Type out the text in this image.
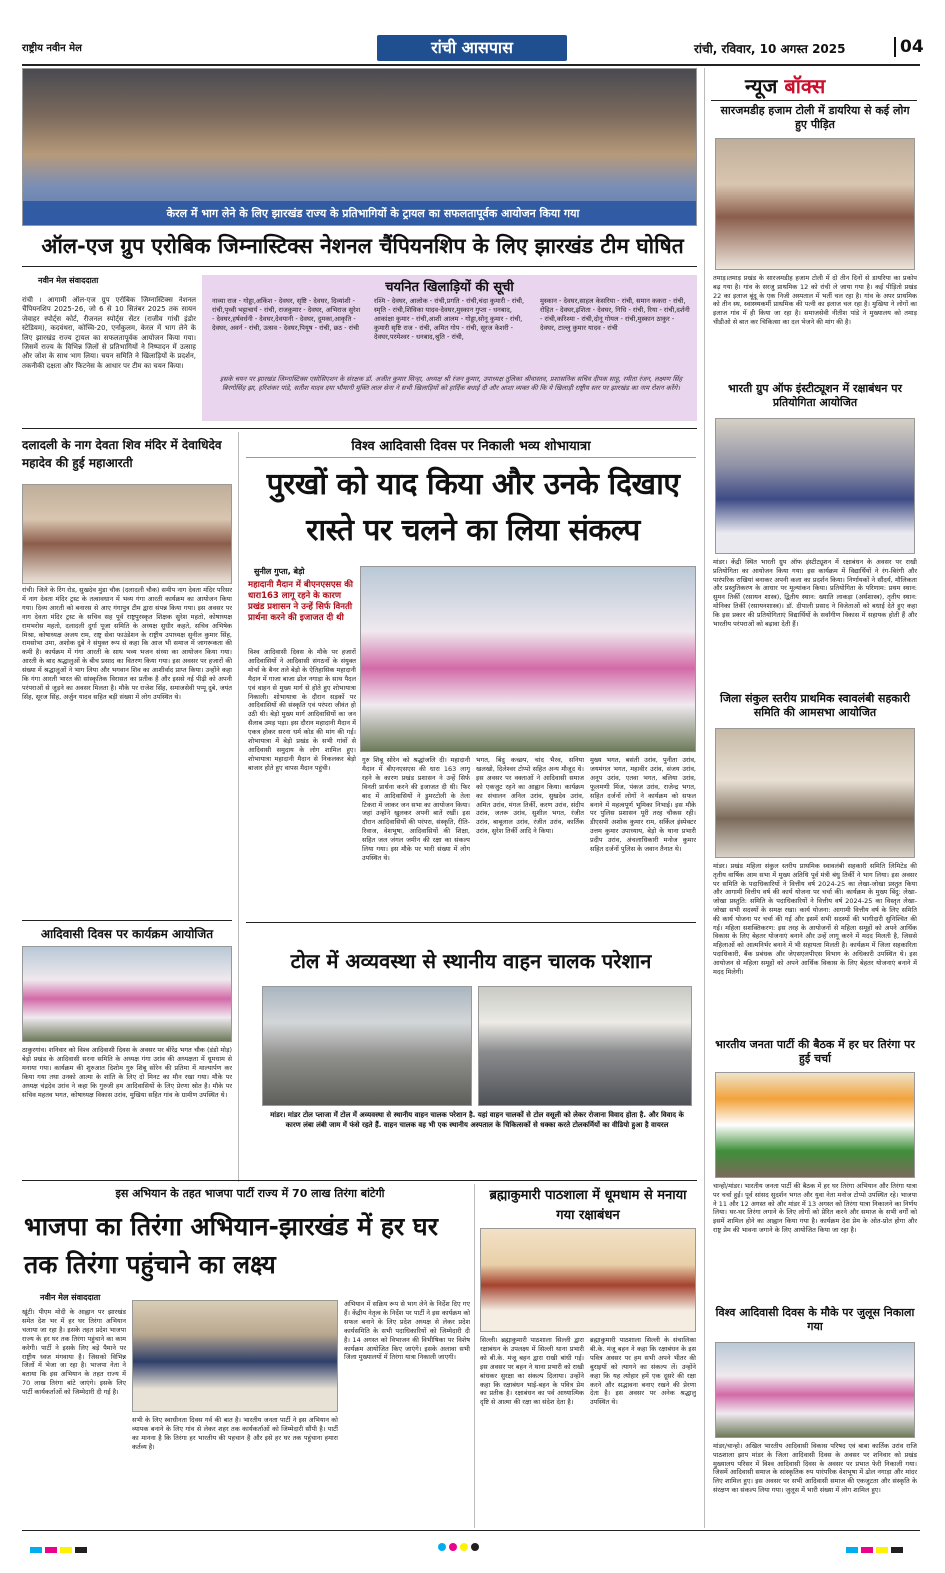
राष्ट्रीय नवीन मेल	रांची आसपास	रांची, रविवार, 10 अगस्त 2025	04
केरल में भाग लेने के लिए झारखंड राज्य के प्रतिभागियों के ट्रायल का सफलतापूर्वक आयोजन किया गया
ऑल-एज ग्रुप एरोबिक जिम्नास्टिक्स नेशनल चैंपियनशिप के लिए झारखंड टीम घोषित
नवीन मेल संवाददाता
रांची । आगामी ऑल-एज ग्रुप एरोबिक जिम्नास्टिक्स नेशनल चैंपियनशिप 2025-26, जो 6 से 10 सितंबर 2025 तक सायन जेवाहर स्पोर्ट्स कोर्ट, रीजनल स्पोर्ट्स सेंटर (राजीव गांधी इंडोर स्टेडियम), कदवंथरा, कोच्चि-20, एर्नाकुलम, केरल में भाग लेने के लिए झारखंड राज्य ट्रायल का सफलतापूर्वक आयोजन किया गया। जिसमें राज्य के विभिन्न जिलों से प्रतिभागियों ने निष्पादन में उत्साह और जोश के साथ भाग लिया। चयन समिति ने खिलाड़ियों के प्रदर्शन, तकनीकी दक्षता और फिटनेस के आधार पर टीम का चयन किया।
चयनित खिलाड़ियों की सूची
नाव्या राज - गोड्डा,अकिंश - देवघर, सृष्टि - देवघर, दिव्यांशी - रांची,पृथ्वी भट्टाचार्य - रांची, राजकुमार - देवघर, अभिराज सुरेश - देवघर,हर्षवर्धनी - देवघर,देवयानी - देवघर, दुमका,आकृति - देवघर, अवर्न - रांची, उत्सव - देवघर,पियूष - रांची, छठ - रांची
रश्मि - देवघर, आलोक - रांची,प्रगति - रांची,चंदा कुमारी - रांची, स्मृति - रांची,शिविका यादव-देवघर,मुस्कान गुप्ता - धनबाद, आकांक्षा कुमार - रांची,आशी आलम - गोड्डा,सोनू कुमार - रांची, कुमारी सृष्टि राज - रांची, अमित गोप - रांची, सूरज केशरी - देवघर,परमेश्वर - धनबाद,श्रुति - रांची,
मुस्कान - देवघर,साहल केसरिया - रांची, समान ककरा - रांची, रोहित - देवघर,इशिता - देवघर, निधि - रांची, रिया - रांची,दर्शनी - रांची,करिश्मा - रांची,दोनू गोयल - रांची,मुस्कान ठाकुर - देवघर, टाल्लु कुमार यादव - रांची
इसके चयन पर झारखंड जिम्नास्टिक्स एसोसिएशन के संरक्षक डॉ. अजीत कुमार सिन्हा, अध्यक्ष श्री रंजन कुमार, उपाध्यक्ष तूलिका श्रीवास्तव, प्रशासनिक सचिव दीपक साहू, रमीता रंजन, लक्ष्मण सिंह बिरगोसिंह झा, हरिशंकर पांडे, सतीश यादव दया भौमानी मुक्ति लाल सेना ने सभी खिलाड़ियों को हार्दिक बधाई दी और आशा व्यक्त की कि ये खिलाड़ी राष्ट्रीय स्तर पर झारखंड का नाम रोशन करेंगे।
न्यूज बॉक्स
सारजमडीह हजाम टोली में डायरिया से कई लोग हुए पीड़ित
तमाड़।तमाड़ प्रखंड के सारजमडीह हजाम टोली में दो तीन दिनों से डायरिया का प्रकोप बढ़ गया है। गांव के सरजु प्राथमिक 12 को रांची ले जाया गया है। कई पीड़ितो प्रखंड 22 का इलाज बूंदू के एक निजी अस्पताल में भर्ती चल रहा है। गांव के अपर प्राथमिक को तीन स्थ, स्वास्थ्यकर्मी प्राथमिक की पत्नी का इलाज चल रहा है। मुखिया ने लोगों का इलाज गांव में ही किया जा रहा है। समाजसेवी नीतीश पांडे ने मुख्यालय को तमाड़ चीडीओ से बात कर चिकित्सा का दल भेजने की मांग की है।
भारती ग्रुप ऑफ इंस्टीट्यूशन में रक्षाबंधन पर प्रतियोगिता आयोजित
मांडर। केंद्री स्थित भारती ग्रुप ऑफ इंस्टीट्यूशन में रक्षाबंधन के अवसर पर राखी प्रतियोगिता का आयोजन किया गया। इस कार्यक्रम में विद्यार्थियों ने रंग-बिरंगी और पारंपरिक राखियां बनाकर अपनी कला का प्रदर्शन किया। निर्णायकों ने सौंदर्य, मौलिकता और प्रस्तुतिकरण के आधार पर मूल्यांकन किया। प्रतियोगिता के परिणाम: प्रथम स्थान: सुमन तिर्की (रसायन शास्त्र), द्वितीय स्थान: ख्याति लाकड़ा (अर्थशास्त्र), तृतीय स्थान: मोनिका तिर्की (रसायनशास्त्र)। डॉ. दीपाली प्रसाद ने विजेताओं को बधाई देते हुए कहा कि इस प्रकार की प्रतियोगिताएं विद्यार्थियों के सर्वांगीण विकास में सहायक होती हैं और भारतीय परंपराओं को बढ़ावा देती हैं।
जिला संकुल स्तरीय प्राथमिक स्वावलंबी सहकारी समिति की आमसभा आयोजित
मांडर। प्रखंड महिला संकुल स्तरीय प्राथमिक स्वावलंबी सहकारी समिति लिमिटेड की तृतीय वार्षिक आम सभा में मुख्य अतिथि पूर्व मंत्री बंधु तिर्की ने भाग लिया। इस अवसर पर समिति के पदाधिकारियों ने वित्तीय वर्ष 2024-25 का लेखा-जोखा प्रस्तुत किया और आगामी वित्तीय वर्ष की कार्य योजना पर चर्चा की। कार्यक्रम के मुख्य बिंदु: लेखा-जोखा प्रस्तुति: समिति के पदाधिकारियों ने वित्तीय वर्ष 2024-25 का विस्तृत लेखा-जोखा सभी सदस्यों के समक्ष रखा। कार्य योजना: आगामी वित्तीय वर्ष के लिए समिति की कार्य योजना पर चर्चा की गई और इसमें सभी सदस्यों की भागीदारी सुनिश्चित की गई। महिला सशक्तिकरण: इस तरह के आयोजनों से महिला समूहों को अपने आर्थिक विकास के लिए बेहतर योजनाएं बनाने और उन्हें लागू करने में मदद मिलती है, जिससे महिलाओं को आत्मनिर्भर बनाने में भी सहायता मिलती है। कार्यक्रम में जिला सहकारिता पदाधिकारी, बैंक प्रबंधक और जेएसएलपीएस विभाग के अधिकारी उपस्थित थे। इस आयोजन से महिला समूहों को अपने आर्थिक विकास के लिए बेहतर योजनाएं बनाने में मदद मिलेगी।
भारतीय जनता पार्टी की बैठक में हर घर तिरंगा पर हुई चर्चा
चान्हो/मांडर। भारतीय जनता पार्टी की बैठक में हर घर तिरंगा अभियान और तिरंगा यात्रा पर चर्चा हुई। पूर्व सांसद सुदर्शन भगत और युवा नेता मनोज टोप्पो उपस्थित रहे। भाजपा ने 11 और 12 अगस्त को और मांडर में 13 अगस्त को तिरंगा यात्रा निकालने का निर्णय लिया। घर-घर तिरंगा लगाने के लिए लोगों को प्रेरित करने और समाज के सभी वर्गों को इसमें शामिल होने का आह्वान किया गया है। कार्यक्रम देश प्रेम के ओत-प्रोत होगा और राष्ट्र प्रेम की भावना जगाने के लिए आयोजित किया जा रहा है।
विश्व आदिवासी दिवस के मौके पर जुलूस निकाला गया
मांडर/चान्हो। अखिल भारतीय आदिवासी विकास परिषद एवं बाबा कार्तिक उरांव राजि पाठशाला झाप मांडर के जिला आदिवासी दिवस के अवसर पर शनिवार को प्रखंड मुख्यालय परिसर में विश्व आदिवासी दिवस के अवसर पर प्रभात फेरी निकाली गया। जिसमें आदिवासी समाज के सांस्कृतिक रुप पारंपरिक वेशभूषा में ढोल नगाड़ा और मांदर लिए शामिल हुए। इस अवसर पर सभी आदिवासी समाज की एकजुटता और संस्कृति के संरक्षण का संकल्प लिया गया। जुलूस में भारी संख्या में लोग शामिल हुए।
दलादली के नाग देवता शिव मंदिर में देवाधिदेव महादेव की हुई महाआरती
रांची। जिले के रिंग रोड, सुखदेव मुंडा चौक (दलादली चौक) समीप नाग देवता मंदिर परिसर में नाग देवता मंदिर ट्रस्ट के तत्वावधान में भव्य गंगा आरती कार्यक्रम का आयोजन किया गया। दिव्य आरती को बनारस से आए गंगापुत्र टीम द्वारा संपन्न किया गया। इस अवसर पर नाग देवता मंदिर ट्रस्ट के सचिव सह पूर्व राष्ट्रपुरस्कृत शिक्षक सुरेश महतो, कोषाध्यक्ष रामभरोस महतो, दलादली दुर्गा पूजा समिति के अध्यक्ष सुधीर कहते, सचिव अभिषेक मिश्रा, कोषाध्यक्ष अजय राम, राष्ट्र सेवा फाउंडेशन के राष्ट्रीय उपाध्यक्ष सुनील कुमार सिंह, रामसोभा उमा, अशोक दुबे ने संयुक्त रूप से कहा कि आज भी समाज में जागरूकता की कमी है। कार्यक्रम में गंगा आरती के साथ भव्य भजन संध्या का आयोजन किया गया। आरती के बाद श्रद्धालुओं के बीच प्रसाद का वितरण किया गया। इस अवसर पर हजारों की संख्या में श्रद्धालुओं ने भाग लिया और भगवान शिव का आशीर्वाद प्राप्त किया। उन्होंने कहा कि गंगा आरती भारत की सांस्कृतिक विरासत का प्रतीक है और इससे नई पीढ़ी को अपनी परंपराओं से जुड़ने का अवसर मिलता है। मौके पर राजेश सिंह, समाजसेवी पप्पू दुबे, जयंत सिंह, सूरज सिंह, अर्जुन यादव सहित बड़ी संख्या में लोग उपस्थित थे।
आदिवासी दिवस पर कार्यक्रम आयोजित
ठाकुरगांव। शनिवार को विश्व आदिवासी दिवस के अवसर पर बीरेंद्र भगत चौक (डंडो मोड़) बेड़ो प्रखंड के आदिवासी सरना समिति के अध्यक्ष गंगा उरांव की अध्यक्षता में धूमधाम से मनाया गया। कार्यक्रम की शुरुआत दिशोम गुरु शिबू सोरेन की प्रतिमा में माल्यार्पण कर किया गया तथा उनको आत्मा के शांति के लिए दो मिनट का मौन रखा गया। मौके पर अध्यक्ष चंद्रदेव उरांव ने कहा कि गुरुजी हम आदिवासियों के लिए प्रेरणा स्रोत है। मौके पर सचिव महतव भगत, कोषाध्यक्ष विकास उरांव, मुखिया सहित गांव के ग्रामीण उपस्थित थे।
विश्व आदिवासी दिवस पर निकाली भव्य शोभायात्रा
पुरखों को याद किया और उनके दिखाए रास्ते पर चलने का लिया संकल्प
सुनील गुप्ता, बेड़ो
महादानी मैदान में बीएनएसएस की धारा163 लागू रहने के कारण प्रखंड प्रशासन ने उन्हें सिर्फ विनती प्रार्थना करने की इजाजत दी थी
विश्व आदिवासी दिवस के मौके पर हजारों आदिवासियों ने आदिवासी संगठनों के संयुक्त मोर्चा के बैनर तले बेड़ो के ऐतिहासिक महादानी मैदान में गाजा बाजा ढोल नगाड़ा के साथ पैदल एवं वाहन से मुख्य मार्ग से होते हुए शोभायात्रा निकाली। शोभायात्रा के दौरान सड़कों पर आदिवासियों की संस्कृति एवं परंपरा जीवंत हो उठी थी। बेड़ो मुख्य मार्ग आदिवासियों का जन सैलाब उमड़ पड़ा। इस दौरान महादानी मैदान में एकत्र होकर सरना धर्म कोड की मांग की गई। शोभायात्रा में बेड़ो प्रखंड के सभी गांवों से आदिवासी समुदाय के लोग शामिल हुए। शोभायात्रा महादानी मैदान से निकलकर बेड़ो बाजार होते हुए वापस मैदान पहुंची।
गुरु शिबू सोरेन को श्रद्धांजलि दी। महादानी मैदान में बीएनएसएस की धारा 163 लागू रहने के कारण प्रखंड प्रशासन ने उन्हें सिर्फ विनती प्रार्थना करने की इजाजत दी थी। फिर बाद में आदिवासियों ने डुमरटोली के तेला टिकरा में जाकर जन सभा का आयोजन किया। जहां उन्होंने खुलकर अपनी बातें रखीं। इस दौरान आदिवासियों की परंपरा, संस्कृति, रीति-रिवाज, वेशभूषा, आदिवासियों की शिक्षा, सहित जल जंगल जमीन की रक्षा का संकल्प लिया गया। इस मौके पर भारी संख्या में लोग उपस्थित थे।
भगत, बिंदु कच्छप, चांद भैरव, सनिया खलखो, दिलेश्वर टोप्पो सहित अन्य मौजूद थे। इस अवसर पर वक्ताओं ने आदिवासी समाज को एकजुट रहने का आह्वान किया। कार्यक्रम का संचालन अनिल उरांव, सुखदेव उरांव, अमित उरांव, मंगल तिर्की, करण उरांव, संदीप उरांव, जतरू उरांव, सुशील भगत, रंजीत उरांव, बाबूलाल उरांव, रंजीत उरांव, कार्तिक उरांव, सुरेश तिर्की आदि ने किया।
मुख्य भगत, बसंती उरांव, पुनीता उरांव, जयमंगल भगत, महावीर उरांव, संजय उरांव, अनूप उरांव, एतवा भगत, बलिया उरांव, फूलमणी मिंज, पंकज उरांव, राजेन्द्र भगत, सहित दर्जनों लोगों ने कार्यक्रम को सफल बनाने में महत्वपूर्ण भूमिका निभाई। इस मौके पर पुलिस प्रशासन पूरी तरह चौकस रही। डीएसपी अशोक कुमार राम, सर्किल इंस्पेक्टर उत्तम कुमार उपाध्याय, बेड़ो के थाना प्रभारी प्रदीप उरांव, अंचलाधिकारी मनोज कुमार सहित दर्जनों पुलिस के जवान तैनात थे।
टोल में अव्यवस्था से स्थानीय वाहन चालक परेशान
मांडर। मांडर टोल प्लाजा में टोल में अव्यवस्था से स्थानीय वाहन चालक परेशान है. यहां वाहन चालकों से टोल वसूली को लेकर रोजाना विवाद होता है. और विवाद के कारण लंबा लंबी जाम में फंसे रहते हैं. वाहन चालक वह भी एक स्थानीय अस्पताल के चिकित्सकों से धक्का करते टोलकर्मियों का वीडियो हुआ है वायरल
इस अभियान के तहत भाजपा पार्टी राज्य में 70 लाख तिरंगा बांटेगी
भाजपा का तिरंगा अभियान-झारखंड में हर घर तक तिरंगा पहुंचाने का लक्ष्य
नवीन मेल संवाददाता
खूंटी। पीएम मोदी के आह्वान पर झारखंड समेत देश भर में हर घर तिरंगा अभियान चलाया जा रहा है। इसके तहत प्रदेश भाजपा राज्य के हर घर तक तिरंगा पहुंचाने का काम करेगी। पार्टी ने इसके लिए बड़े पैमाने पर राष्ट्रीय ध्वज मंगवाया है। जिसको विभिन्न जिलों में भेजा जा रहा है। भाजपा नेता ने बताया कि इस अभियान के तहत राज्य में 70 लाख तिरंगा बांटे जाएंगे। इसके लिए पार्टी कार्यकर्ताओं को जिम्मेदारी दी गई है।
सभी के लिए स्वाधीनता दिवस गर्व की बात है। भारतीय जनता पार्टी ने इस अभियान को व्यापक बनाने के लिए गांव से लेकर शहर तक कार्यकर्ताओं को जिम्मेदारी सौंपी है। पार्टी का मानना है कि तिरंगा हर भारतीय की पहचान है और इसे हर घर तक पहुंचाना हमारा कर्तव्य है।
अभियान में सक्रिय रूप से भाग लेने के निर्देश दिए गए हैं। केंद्रीय नेतृत्व के निर्देश पर पार्टी ने इस कार्यक्रम को सफल बनाने के लिए प्रदेश अध्यक्ष से लेकर प्रदेश कार्यसमिति के सभी पदाधिकारियों को जिम्मेदारी दी है। 14 अगस्त को विभाजन की विभीषिका पर विशेष कार्यक्रम आयोजित किए जाएंगे। इसके अलावा सभी जिला मुख्यालयों में तिरंगा यात्रा निकाली जाएगी।
ब्रह्माकुमारी पाठशाला में धूमधाम से मनाया गया रक्षाबंधन
सिल्ली। ब्रह्माकुमारी पाठशाला सिल्ली द्वारा रक्षाबंधन के उपलक्ष्य में सिल्ली थाना प्रभारी को बी.के. मंजू बहन द्वारा राखी बांधी गई। इस अवसर पर बहन ने थाना प्रभारी को राखी बांधकर सुरक्षा का संकल्प दिलाया। उन्होंने कहा कि रक्षाबंधन भाई-बहन के पवित्र प्रेम का प्रतीक है। रक्षाबंधन का पर्व आध्यात्मिक दृष्टि से आत्मा की रक्षा का संदेश देता है।
ब्रह्माकुमारी पाठशाला सिल्ली के संचालिका बी.के. मंजू बहन ने कहा कि रक्षाबंधन के इस पवित्र अवसर पर हम सभी अपने भीतर की बुराइयों को त्यागने का संकल्प लें। उन्होंने कहा कि यह त्योहार हमें एक दूसरे की रक्षा करने और सद्भावना बनाए रखने की प्रेरणा देता है। इस अवसर पर अनेक श्रद्धालु उपस्थित थे।
